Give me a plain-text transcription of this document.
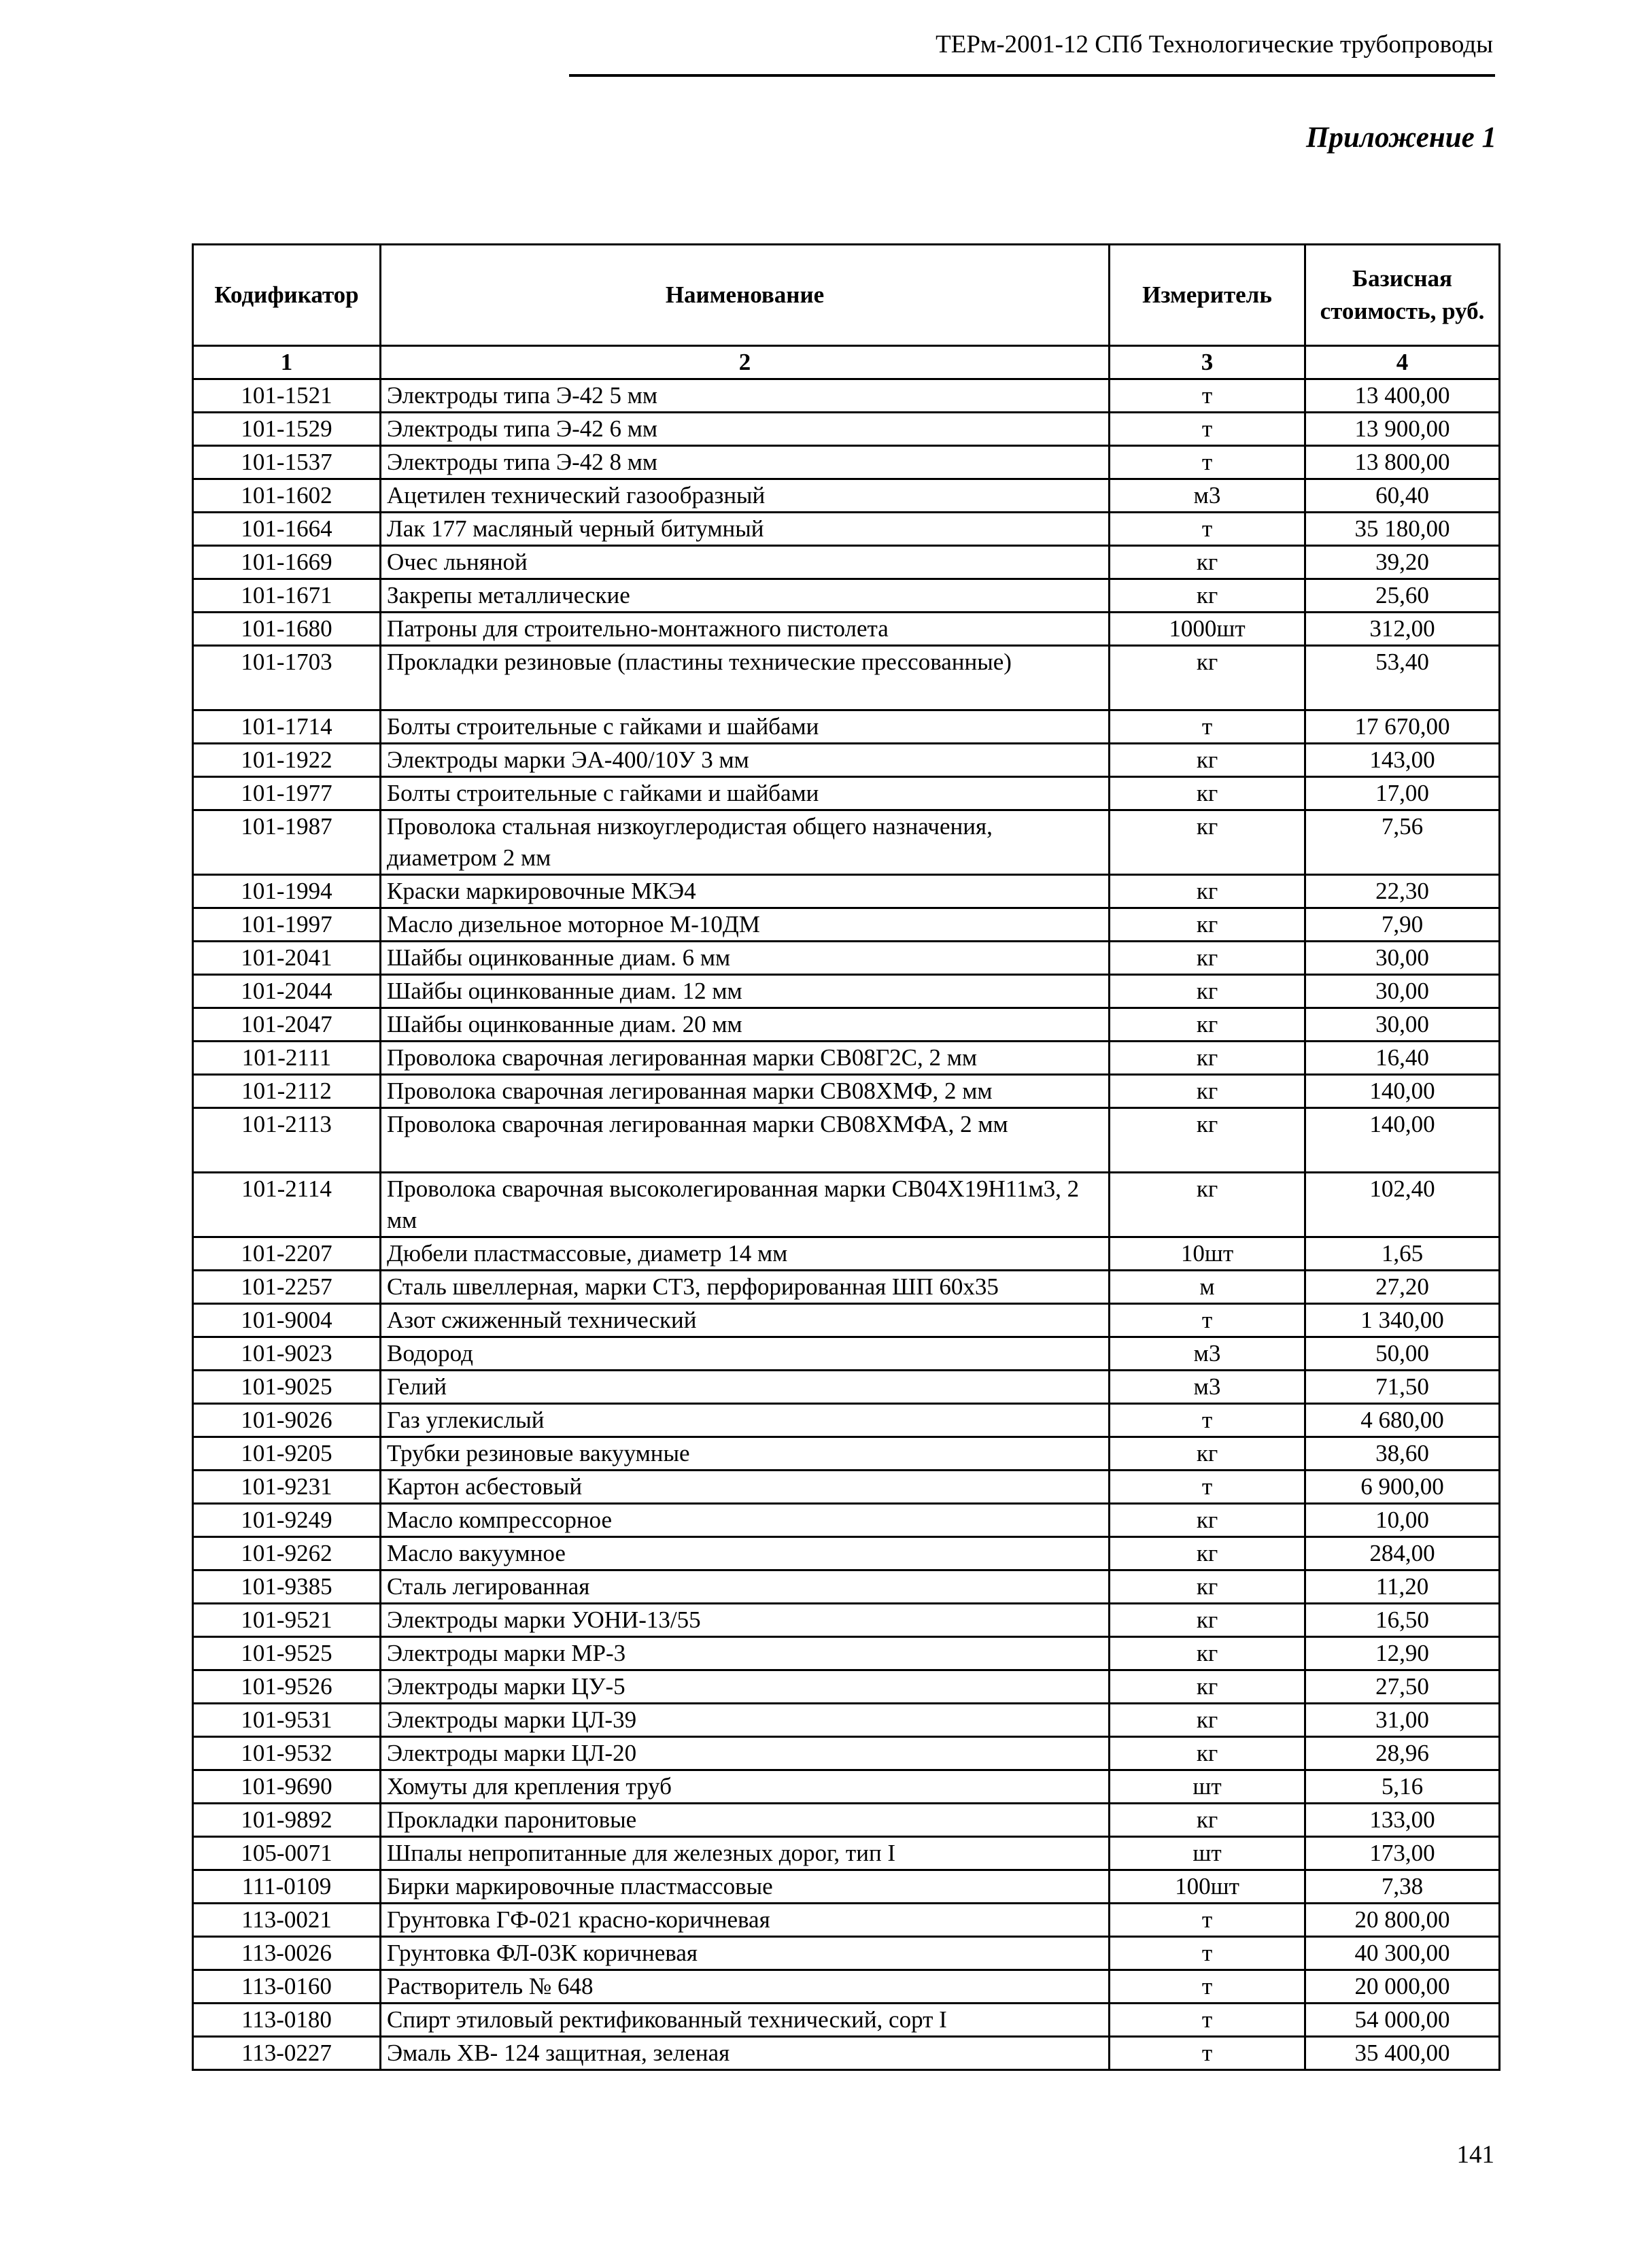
ТЕРм-2001-12 СПб Технологические трубопроводы
Приложение 1
Кодификатор	Наименование	Измеритель	Базисная стоимость, руб.
1	2	3	4
101-1521	Электроды типа Э-42 5 мм	т	13 400,00
101-1529	Электроды типа Э-42 6 мм	т	13 900,00
101-1537	Электроды типа Э-42 8 мм	т	13 800,00
101-1602	Ацетилен технический газообразный	м3	60,40
101-1664	Лак 177 масляный черный битумный	т	35 180,00
101-1669	Очес льняной	кг	39,20
101-1671	Закрепы металлические	кг	25,60
101-1680	Патроны для строительно-монтажного пистолета	1000шт	312,00
101-1703	Прокладки резиновые (пластины технические прессованные)	кг	53,40
101-1714	Болты строительные с гайками и шайбами	т	17 670,00
101-1922	Электроды марки ЭА-400/10У 3 мм	кг	143,00
101-1977	Болты строительные с гайками и шайбами	кг	17,00
101-1987	Проволока стальная низкоуглеродистая общего назначения, диаметром 2 мм	кг	7,56
101-1994	Краски маркировочные МКЭ4	кг	22,30
101-1997	Масло дизельное моторное М-10ДМ	кг	7,90
101-2041	Шайбы оцинкованные диам. 6 мм	кг	30,00
101-2044	Шайбы оцинкованные диам. 12 мм	кг	30,00
101-2047	Шайбы оцинкованные диам. 20 мм	кг	30,00
101-2111	Проволока сварочная легированная марки СВ08Г2С, 2 мм	кг	16,40
101-2112	Проволока сварочная легированная марки СВ08ХМФ, 2 мм	кг	140,00
101-2113	Проволока сварочная легированная марки СВ08ХМФА, 2 мм	кг	140,00
101-2114	Проволока сварочная высоколегированная марки СВ04Х19Н11м3, 2 мм	кг	102,40
101-2207	Дюбели пластмассовые, диаметр 14 мм	10шт	1,65
101-2257	Сталь швеллерная, марки СТ3, перфорированная ШП 60х35	м	27,20
101-9004	Азот сжиженный технический	т	1 340,00
101-9023	Водород	м3	50,00
101-9025	Гелий	м3	71,50
101-9026	Газ углекислый	т	4 680,00
101-9205	Трубки резиновые вакуумные	кг	38,60
101-9231	Картон асбестовый	т	6 900,00
101-9249	Масло компрессорное	кг	10,00
101-9262	Масло вакуумное	кг	284,00
101-9385	Сталь легированная	кг	11,20
101-9521	Электроды марки УОНИ-13/55	кг	16,50
101-9525	Электроды марки МР-3	кг	12,90
101-9526	Электроды марки ЦУ-5	кг	27,50
101-9531	Электроды марки ЦЛ-39	кг	31,00
101-9532	Электроды марки ЦЛ-20	кг	28,96
101-9690	Хомуты для крепления труб	шт	5,16
101-9892	Прокладки паронитовые	кг	133,00
105-0071	Шпалы непропитанные для железных дорог, тип I	шт	173,00
111-0109	Бирки маркировочные пластмассовые	100шт	7,38
113-0021	Грунтовка ГФ-021 красно-коричневая	т	20 800,00
113-0026	Грунтовка ФЛ-03К коричневая	т	40 300,00
113-0160	Растворитель № 648	т	20 000,00
113-0180	Спирт этиловый ректификованный технический, сорт I	т	54 000,00
113-0227	Эмаль ХВ- 124 защитная, зеленая	т	35 400,00
141
